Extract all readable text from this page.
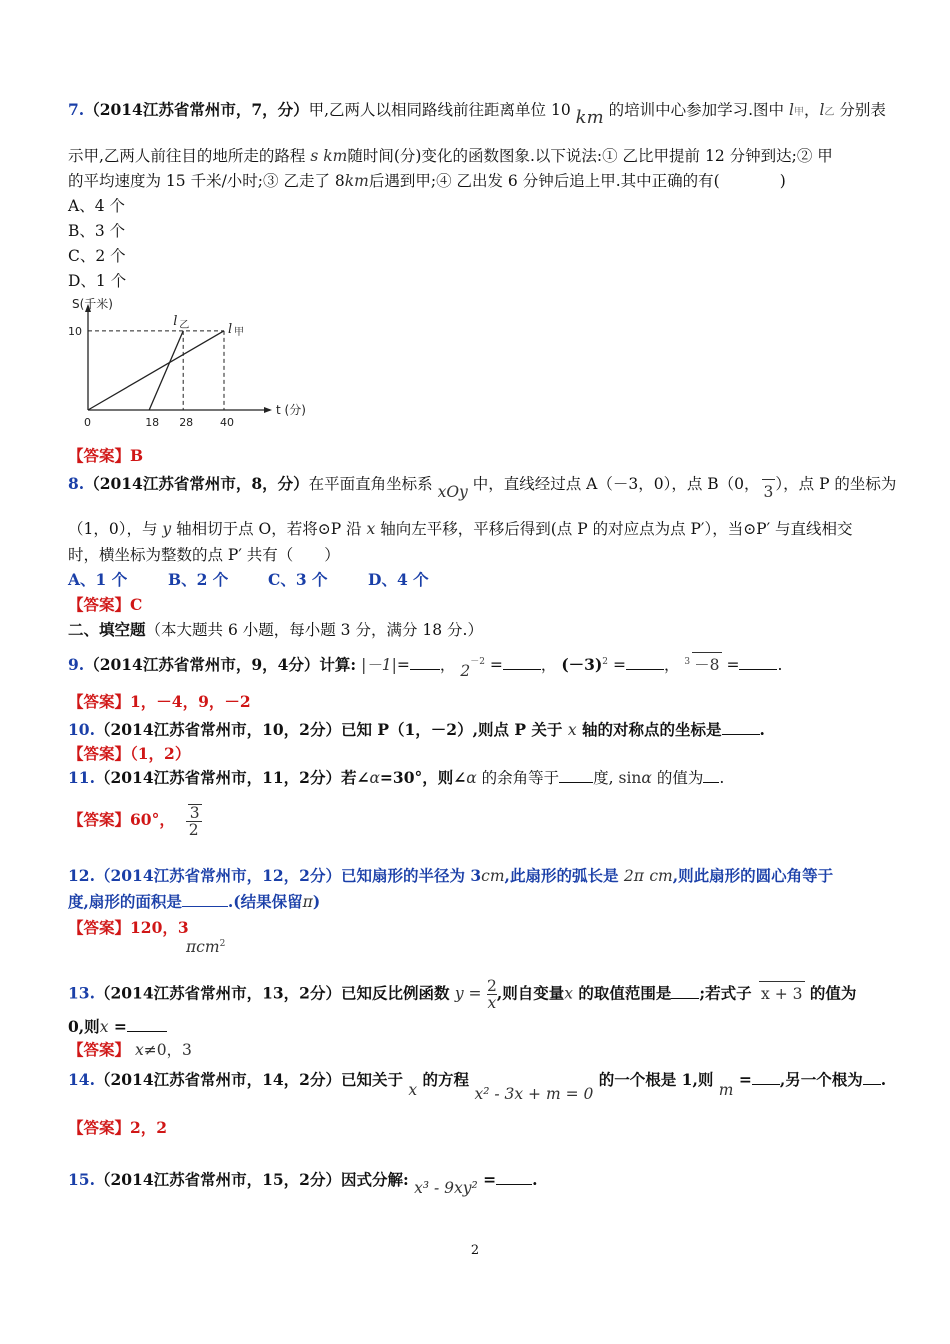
7.（2014江苏省常州市，7，分）甲,乙两人以相同路线前往距离单位 10 km 的培训中心参加学习.图中 l甲，l乙 分别表
示甲,乙两人前往目的地所走的路程 s km随时间(分)变化的函数图象.以下说法:① 乙比甲提前 12 分钟到达;② 甲
的平均速度为 15 千米/小时;③ 乙走了 8km后遇到甲;④ 乙出发 6 分钟后追上甲.其中正确的有(	)
A、4 个
B、3 个
C、2 个
D、1 个
S(千米)
t (分)
0	18 28 40
10
l 乙	l 甲
【答案】B
8.（2014江苏省常州市，8，分）在平面直角坐标系 xOy 中，直线经过点 A（－3，0），点 B（0， 3 ），点 P 的坐标为
（1，0），与 y 轴相切于点 O，若将⊙P 沿 x 轴向左平移，平移后得到(点 P 的对应点为点 P′），当⊙P′ 与直线相交
时，横坐标为整数的点 P′ 共有（　　）
A、1 个	B、2 个	C、3 个	D、4 个
【答案】C
二、填空题（本大题共 6 小题，每小题 3 分，满分 18 分.）
9.（2014江苏省常州市，9，4分）计算: |－1|= ， $2^{-2}$ = ， $(-3)^2$ = ， $^3$ －8 = .
【答案】1，－4，9，－2
10.（2014江苏省常州市，10，2分）已知 P（1，－2）,则点 P 关于 x 轴的对称点的坐标是 .
【答案】（1，2）
11.（2014江苏省常州市，11，2分）若∠α=30°，则∠α 的余角等于 度, sinα 的值为 .
【答案】60°， $\frac{3}{2}$
12.（2014江苏省常州市，12，2分）已知扇形的半径为 3cm,此扇形的弧长是 2π cm,则此扇形的圆心角等于
度,扇形的面积是	.(结果保留π)
【答案】120，3
πcm$^2$
13.（2014江苏省常州市，13，2分）已知反比例函数 $y = \frac{2}{x}$ ,则自变量x 的取值范围是 ;若式子 x + 3 的值为
0,则x =
【答案】 x≠0，3
14.（2014江苏省常州市，14，2分）已知关于 x 的方程 x² - 3x + m = 0 的一个根是 1,则 m = ,另一个根为 .
【答案】2，2
15.（2014江苏省常州市，15，2分）因式分解: x³ - 9xy² = .
2
